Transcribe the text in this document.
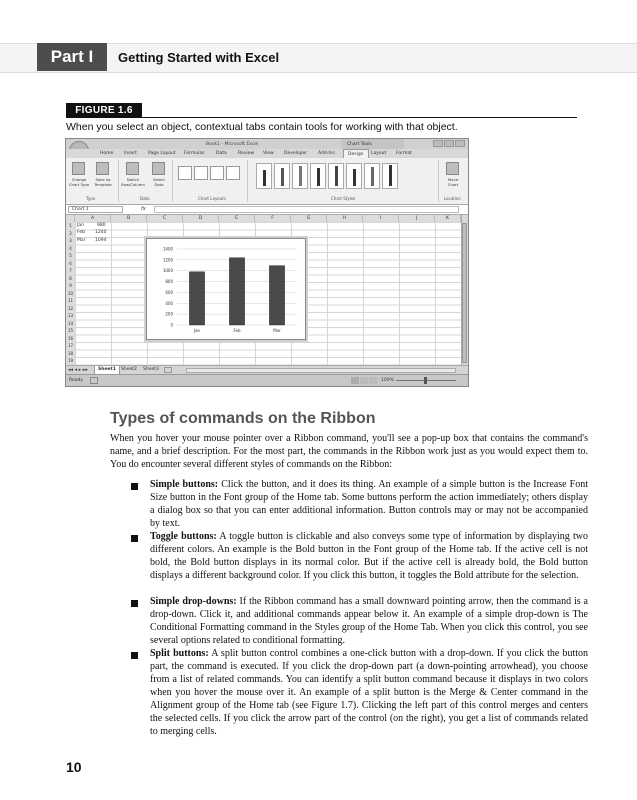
Part I	Getting Started with Excel
FIGURE 1.6
When you select an object, contextual tabs contain tools for working with that object.
Book1 - Microsoft Excel	Chart Tools
Home Insert Page Layout Formulas	Data	Review View Developer Add-Ins	Design	Layout Format
Change
Chart Type
Save As
Template
Switch
Row/Column
Select
Data
Move
Chart
Type	Data	Chart Layouts	Chart Styles	Location
Chart 1	fx
A	B	C	D	E	F	G	H	I	J	K
Jan	980
Feb 1240
Mar 1094
1400
1200
1000
800
600
400
200
0
Jan	Feb	Mar
◂◂ ◂ ▸ ▸▸	Sheet1	Sheet2	Sheet3
Ready	100%
1
2
3
4
5
6
7
8
9
10
11
12
13
14
15
16
17
18
19
Types of commands on the Ribbon
When you hover your mouse pointer over a Ribbon command, you'll see a pop-up box that contains the command's name, and a brief description. For the most part, the commands in the Ribbon work just as you would expect them to. You do encounter several different styles of commands on the Ribbon:
Simple buttons: Click the button, and it does its thing. An example of a simple button is the Increase Font Size button in the Font group of the Home tab. Some buttons perform the action immediately; others display a dialog box so that you can enter additional information. Button controls may or may not be accompanied by text.
Toggle buttons: A toggle button is clickable and also conveys some type of information by displaying two different colors. An example is the Bold button in the Font group of the Home tab. If the active cell is not bold, the Bold button displays in its normal color. But if the active cell is already bold, the Bold button displays a different background color. If you click this button, it toggles the Bold attribute for the selection.
Simple drop-downs: If the Ribbon command has a small downward pointing arrow, then the command is a drop-down. Click it, and additional commands appear below it. An example of a simple drop-down is The Conditional Formatting command in the Styles group of the Home Tab. When you click this control, you see several options related to conditional formatting.
Split buttons: A split button control combines a one-click button with a drop-down. If you click the button part, the command is executed. If you click the drop-down part (a down-pointing arrowhead), you choose from a list of related commands. You can identify a split button command because it displays in two colors when you hover the mouse over it. An example of a split button is the Merge & Center command in the Alignment group of the Home tab (see Figure 1.7). Clicking the left part of this control merges and centers the selected cells. If you click the arrow part of the control (on the right), you get a list of commands related to merging cells.
10
